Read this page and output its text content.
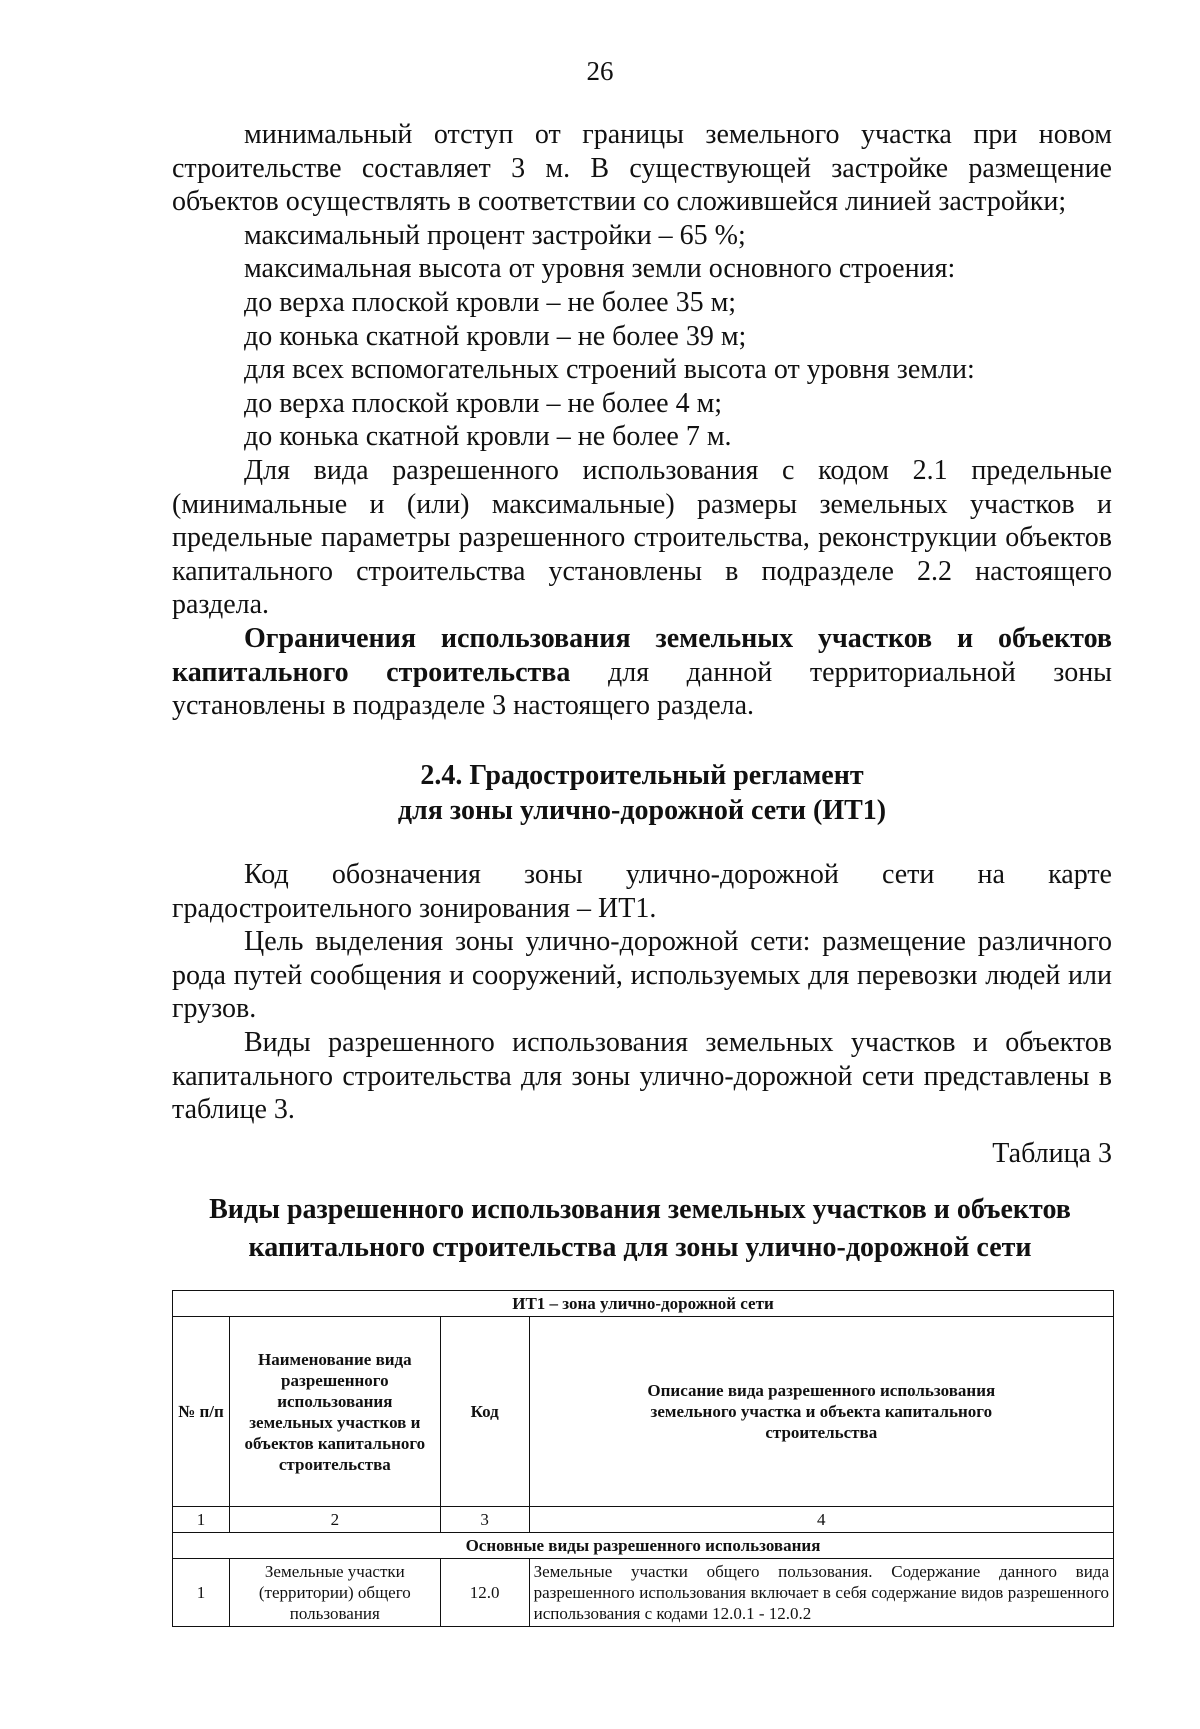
26

минимальный отступ от границы земельного участка при новом строительстве составляет 3 м. В существующей застройке размещение объектов осуществлять в соответствии со сложившейся линией застройки;

максимальный процент застройки – 65 %;

максимальная высота от уровня земли основного строения:

до верха плоской кровли – не более 35 м;

до конька скатной кровли – не более 39 м;

для всех вспомогательных строений высота от уровня земли:

до верха плоской кровли – не более 4 м;

до конька скатной кровли – не более 7 м.

Для вида разрешенного использования с кодом 2.1 предельные (минимальные и (или) максимальные) размеры земельных участков и предельные параметры разрешенного строительства, реконструкции объектов капитального строительства установлены в подразделе 2.2 настоящего раздела.

Ограничения использования земельных участков и объектов капитального строительства для данной территориальной зоны установлены в подразделе 3 настоящего раздела.

2.4. Градостроительный регламент
для зоны улично-дорожной сети (ИТ1)

Код обозначения зоны улично-дорожной сети на карте градостроительного зонирования – ИТ1.

Цель выделения зоны улично-дорожной сети: размещение различного рода путей сообщения и сооружений, используемых для перевозки людей или грузов.

Виды разрешенного использования земельных участков и объектов капитального строительства для зоны улично-дорожной сети представлены в таблице 3.

Таблица 3

Виды разрешенного использования земельных участков и объектов
капитального строительства для зоны улично-дорожной сети
ИТ1 – зона улично-дорожной сети			
№ п/п	Наименование вида разрешенного использования земельных участков и объектов капитального строительства	Код	Описание вида разрешенного использования земельного участка и объекта капитального строительства
1	2	3	4
Основные виды разрешенного использования			
1	Земельные участки (территории) общего пользования	12.0	Земельные участки общего пользования. Содержание данного вида разрешенного использования включает в себя содержание видов разрешенного использования с кодами 12.0.1 - 12.0.2
